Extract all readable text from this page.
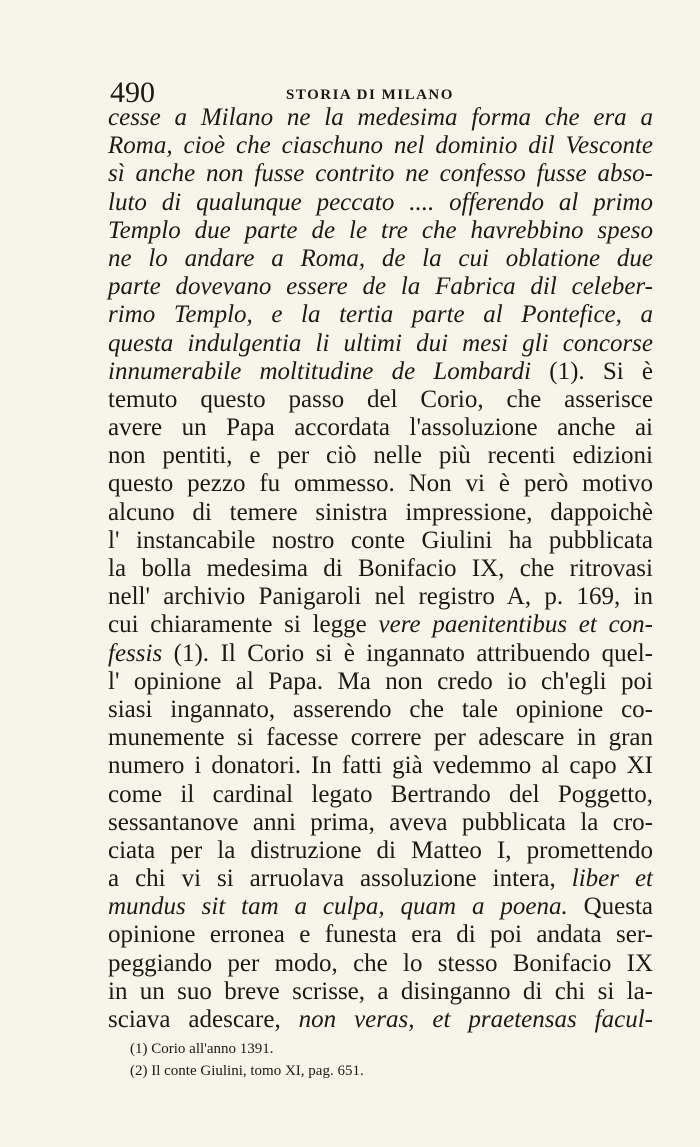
490	STORIA DI MILANO
cesse a Milano ne la medesima forma che era a
Roma, cioè che ciaschuno nel dominio dil Vesconte
sì anche non fusse contrito ne confesso fusse abso-
luto di qualunque peccato .... offerendo al primo
Templo due parte de le tre che havrebbino speso
ne lo andare a Roma, de la cui oblatione due
parte dovevano essere de la Fabrica dil celeber-
rimo Templo, e la tertia parte al Pontefice, a
questa indulgentia li ultimi dui mesi gli concorse
innumerabile moltitudine de Lombardi (1). Si è
temuto questo passo del Corio, che asserisce
avere un Papa accordata l'assoluzione anche ai
non pentiti, e per ciò nelle più recenti edizioni
questo pezzo fu ommesso. Non vi è però motivo
alcuno di temere sinistra impressione, dappoichè
l' instancabile nostro conte Giulini ha pubblicata
la bolla medesima di Bonifacio IX, che ritrovasi
nell' archivio Panigaroli nel registro A, p. 169, in
cui chiaramente si legge vere paenitentibus et con-
fessis (1). Il Corio si è ingannato attribuendo quel-
l' opinione al Papa. Ma non credo io ch'egli poi
siasi ingannato, asserendo che tale opinione co-
munemente si facesse correre per adescare in gran
numero i donatori. In fatti già vedemmo al capo XI
come il cardinal legato Bertrando del Poggetto,
sessantanove anni prima, aveva pubblicata la cro-
ciata per la distruzione di Matteo I, promettendo
a chi vi si arruolava assoluzione intera, liber et
mundus sit tam a culpa, quam a poena. Questa
opinione erronea e funesta era di poi andata ser-
peggiando per modo, che lo stesso Bonifacio IX
in un suo breve scrisse, a disinganno di chi si la-
sciava adescare, non veras, et praetensas facul-
(1) Corio all'anno 1391.
(2) Il conte Giulini, tomo XI, pag. 651.
